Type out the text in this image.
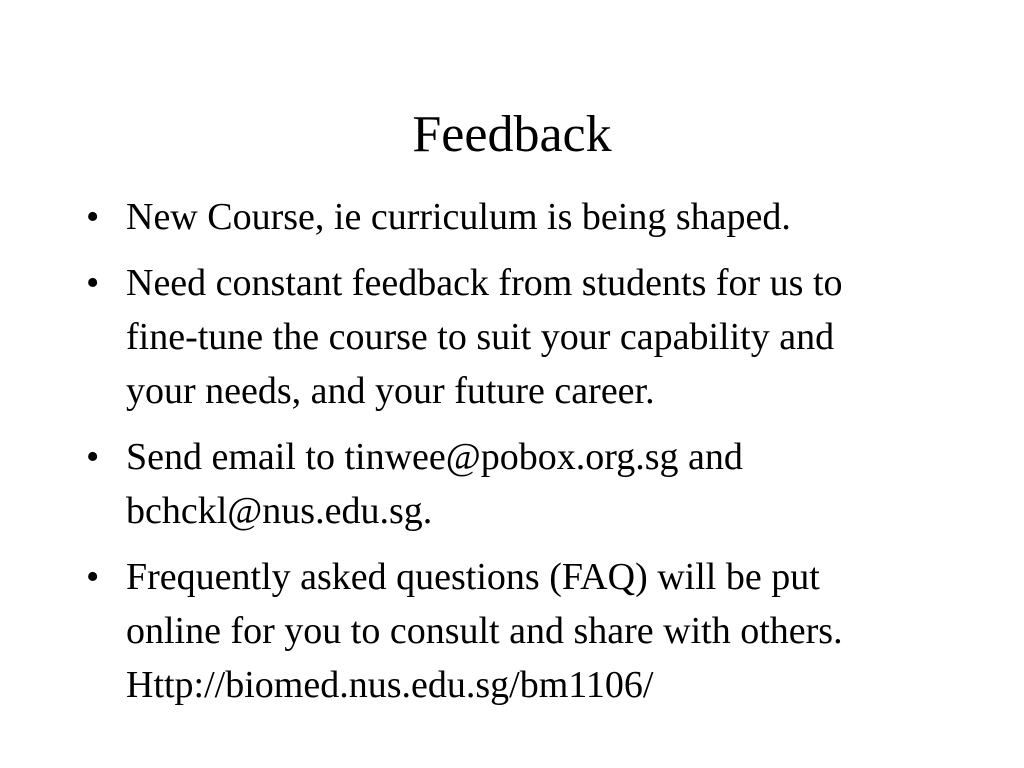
Feedback
• New Course, ie curriculum is being shaped.
• Need constant feedback from students for us to
fine-tune the course to suit your capability and
your needs, and your future career.
• Send email to tinwee@pobox.org.sg and
bchckl@nus.edu.sg.
• Frequently asked questions (FAQ) will be put
online for you to consult and share with others.
Http://biomed.nus.edu.sg/bm1106/
